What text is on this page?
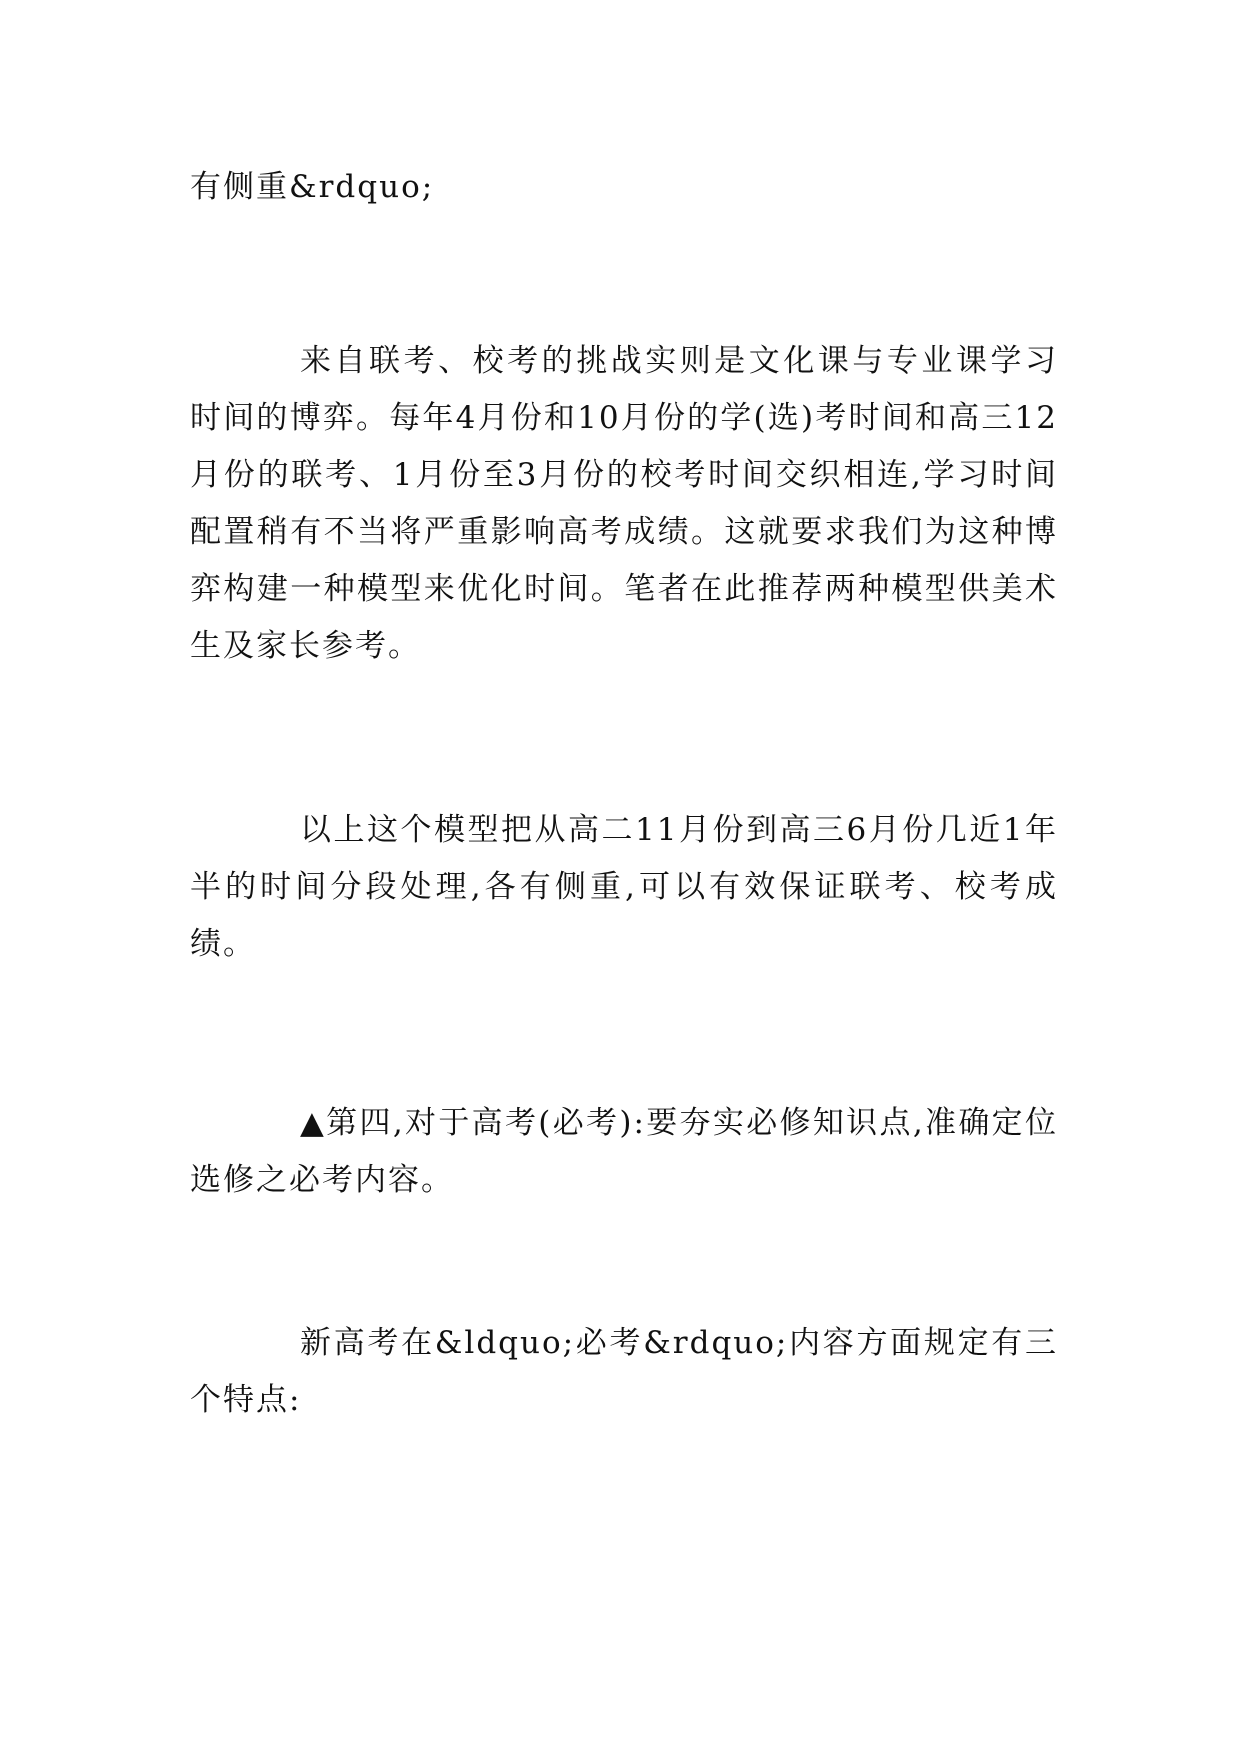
有侧重&rdquo;

来自联考、校考的挑战实则是文化课与专业课学习时间的博弈。每年4月份和10月份的学(选)考时间和高三12月份的联考、1月份至3月份的校考时间交织相连,学习时间配置稍有不当将严重影响高考成绩。这就要求我们为这种博弈构建一种模型来优化时间。笔者在此推荐两种模型供美术生及家长参考。

以上这个模型把从高二11月份到高三6月份几近1年半的时间分段处理,各有侧重,可以有效保证联考、校考成绩。

▲第四,对于高考(必考):要夯实必修知识点,准确定位选修之必考内容。

新高考在&ldquo;必考&rdquo;内容方面规定有三个特点:
